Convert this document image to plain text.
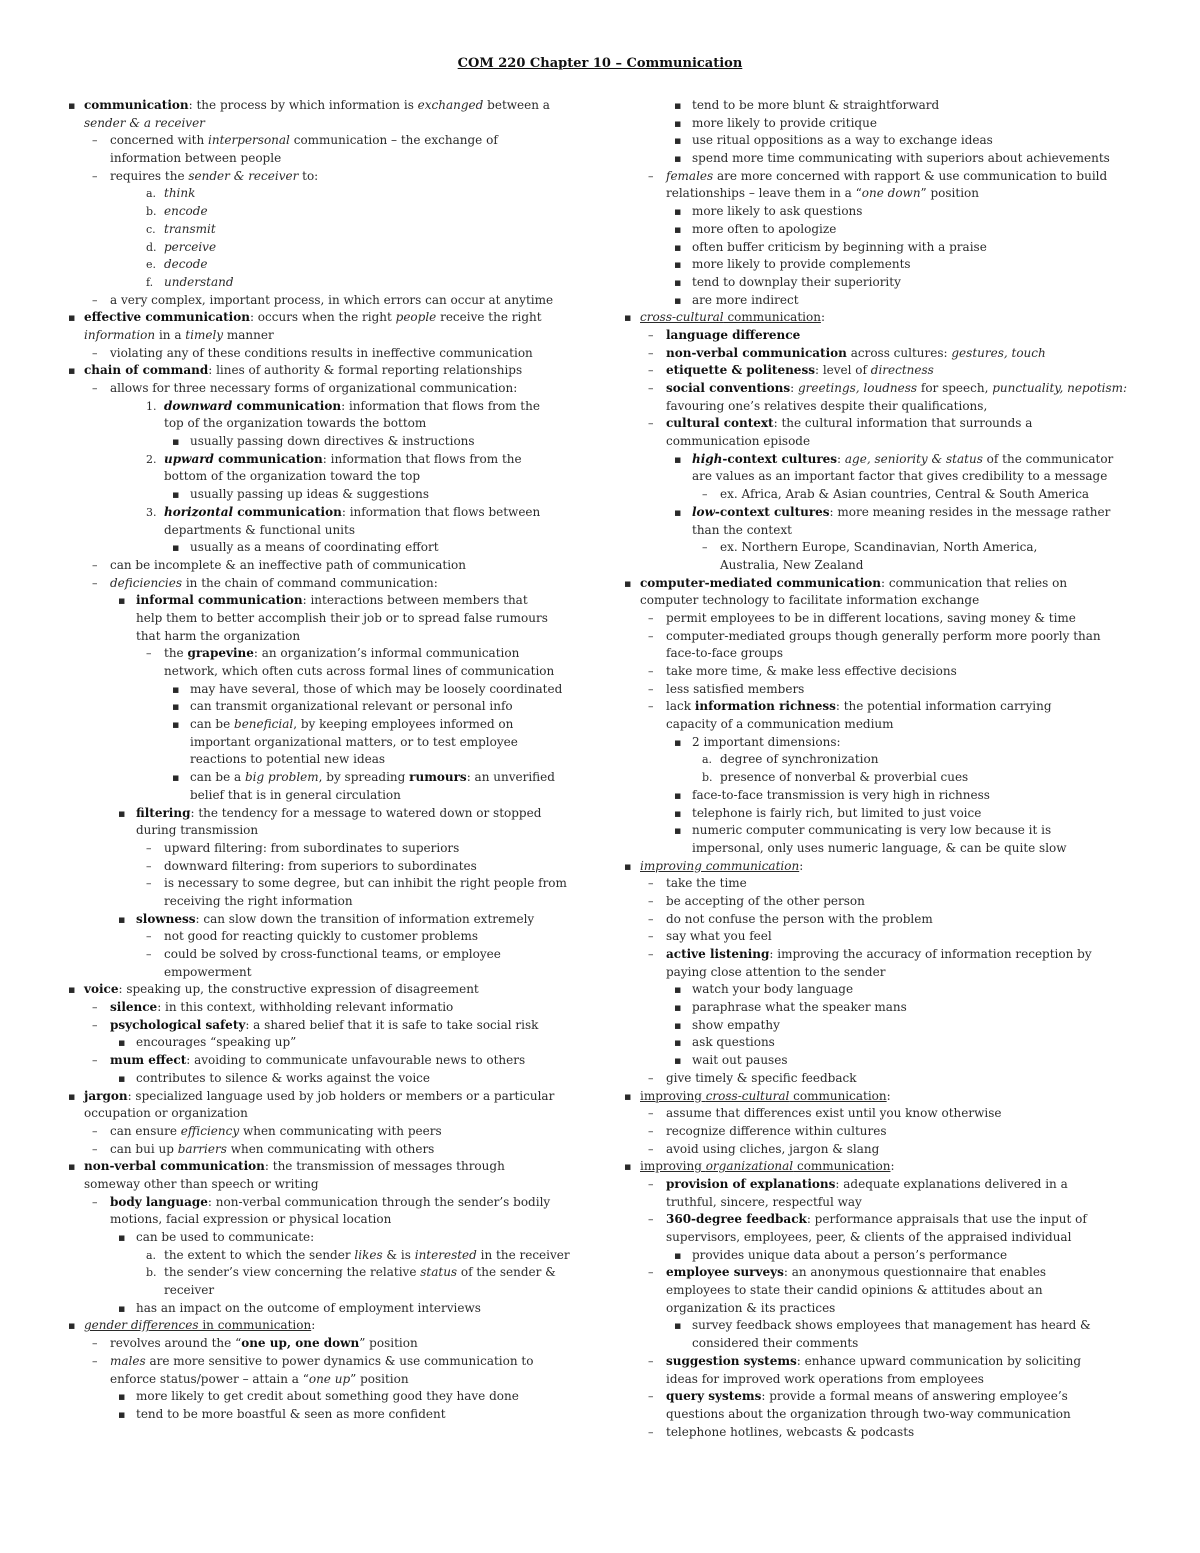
COM 220 Chapter 10 – Communication
▪ communication: the process by which information is exchanged between a
sender & a receiver
– concerned with interpersonal communication – the exchange of
information between people
– requires the sender & receiver to:
a. think
b. encode
c. transmit
d. perceive
e. decode
f. understand
– a very complex, important process, in which errors can occur at anytime
▪ effective communication: occurs when the right people receive the right
information in a timely manner
– violating any of these conditions results in ineffective communication
▪ chain of command: lines of authority & formal reporting relationships
– allows for three necessary forms of organizational communication:
1. downward communication: information that flows from the
top of the organization towards the bottom
▪ usually passing down directives & instructions
2. upward communication: information that flows from the
bottom of the organization toward the top
▪ usually passing up ideas & suggestions
3. horizontal communication: information that flows between
departments & functional units
▪ usually as a means of coordinating effort
– can be incomplete & an ineffective path of communication
– deficiencies in the chain of command communication:
▪ informal communication: interactions between members that
help them to better accomplish their job or to spread false rumours
that harm the organization
– the grapevine: an organization’s informal communication
network, which often cuts across formal lines of communication
▪ may have several, those of which may be loosely coordinated
▪ can transmit organizational relevant or personal info
▪ can be beneficial, by keeping employees informed on
important organizational matters, or to test employee
reactions to potential new ideas
▪ can be a big problem, by spreading rumours: an unverified
belief that is in general circulation
▪ filtering: the tendency for a message to watered down or stopped
during transmission
– upward filtering: from subordinates to superiors
– downward filtering: from superiors to subordinates
– is necessary to some degree, but can inhibit the right people from
receiving the right information
▪ slowness: can slow down the transition of information extremely
– not good for reacting quickly to customer problems
– could be solved by cross-functional teams, or employee
empowerment
▪ voice: speaking up, the constructive expression of disagreement
– silence: in this context, withholding relevant informatio
– psychological safety: a shared belief that it is safe to take social risk
▪ encourages “speaking up”
– mum effect: avoiding to communicate unfavourable news to others
▪ contributes to silence & works against the voice
▪ jargon: specialized language used by job holders or members or a particular
occupation or organization
– can ensure efficiency when communicating with peers
– can bui up barriers when communicating with others
▪ non-verbal communication: the transmission of messages through
someway other than speech or writing
– body language: non-verbal communication through the sender’s bodily
motions, facial expression or physical location
▪ can be used to communicate:
a. the extent to which the sender likes & is interested in the receiver
b. the sender’s view concerning the relative status of the sender &
receiver
▪ has an impact on the outcome of employment interviews
▪ gender differences in communication:
– revolves around the “one up, one down” position
– males are more sensitive to power dynamics & use communication to
enforce status/power – attain a “one up” position
▪ more likely to get credit about something good they have done
▪ tend to be more boastful & seen as more confident
▪ tend to be more blunt & straightforward
▪ more likely to provide critique
▪ use ritual oppositions as a way to exchange ideas
▪ spend more time communicating with superiors about achievements
– females are more concerned with rapport & use communication to build
relationships – leave them in a “one down” position
▪ more likely to ask questions
▪ more often to apologize
▪ often buffer criticism by beginning with a praise
▪ more likely to provide complements
▪ tend to downplay their superiority
▪ are more indirect
▪ cross-cultural communication:
– language difference
– non-verbal communication across cultures: gestures, touch
– etiquette & politeness: level of directness
– social conventions: greetings, loudness for speech, punctuality, nepotism:
favouring one’s relatives despite their qualifications,
– cultural context: the cultural information that surrounds a
communication episode
▪ high-context cultures: age, seniority & status of the communicator
are values as an important factor that gives credibility to a message
– ex. Africa, Arab & Asian countries, Central & South America
▪ low-context cultures: more meaning resides in the message rather
than the context
– ex. Northern Europe, Scandinavian, North America,
Australia, New Zealand
▪ computer-mediated communication: communication that relies on
computer technology to facilitate information exchange
– permit employees to be in different locations, saving money & time
– computer-mediated groups though generally perform more poorly than
face-to-face groups
– take more time, & make less effective decisions
– less satisfied members
– lack information richness: the potential information carrying
capacity of a communication medium
▪ 2 important dimensions:
a. degree of synchronization
b. presence of nonverbal & proverbial cues
▪ face-to-face transmission is very high in richness
▪ telephone is fairly rich, but limited to just voice
▪ numeric computer communicating is very low because it is
impersonal, only uses numeric language, & can be quite slow
▪ improving communication:
– take the time
– be accepting of the other person
– do not confuse the person with the problem
– say what you feel
– active listening: improving the accuracy of information reception by
paying close attention to the sender
▪ watch your body language
▪ paraphrase what the speaker mans
▪ show empathy
▪ ask questions
▪ wait out pauses
– give timely & specific feedback
▪ improving cross-cultural communication:
– assume that differences exist until you know otherwise
– recognize difference within cultures
– avoid using cliches, jargon & slang
▪ improving organizational communication:
– provision of explanations: adequate explanations delivered in a
truthful, sincere, respectful way
– 360-degree feedback: performance appraisals that use the input of
supervisors, employees, peer, & clients of the appraised individual
▪ provides unique data about a person’s performance
– employee surveys: an anonymous questionnaire that enables
employees to state their candid opinions & attitudes about an
organization & its practices
▪ survey feedback shows employees that management has heard &
considered their comments
– suggestion systems: enhance upward communication by soliciting
ideas for improved work operations from employees
– query systems: provide a formal means of answering employee’s
questions about the organization through two-way communication
– telephone hotlines, webcasts & podcasts
